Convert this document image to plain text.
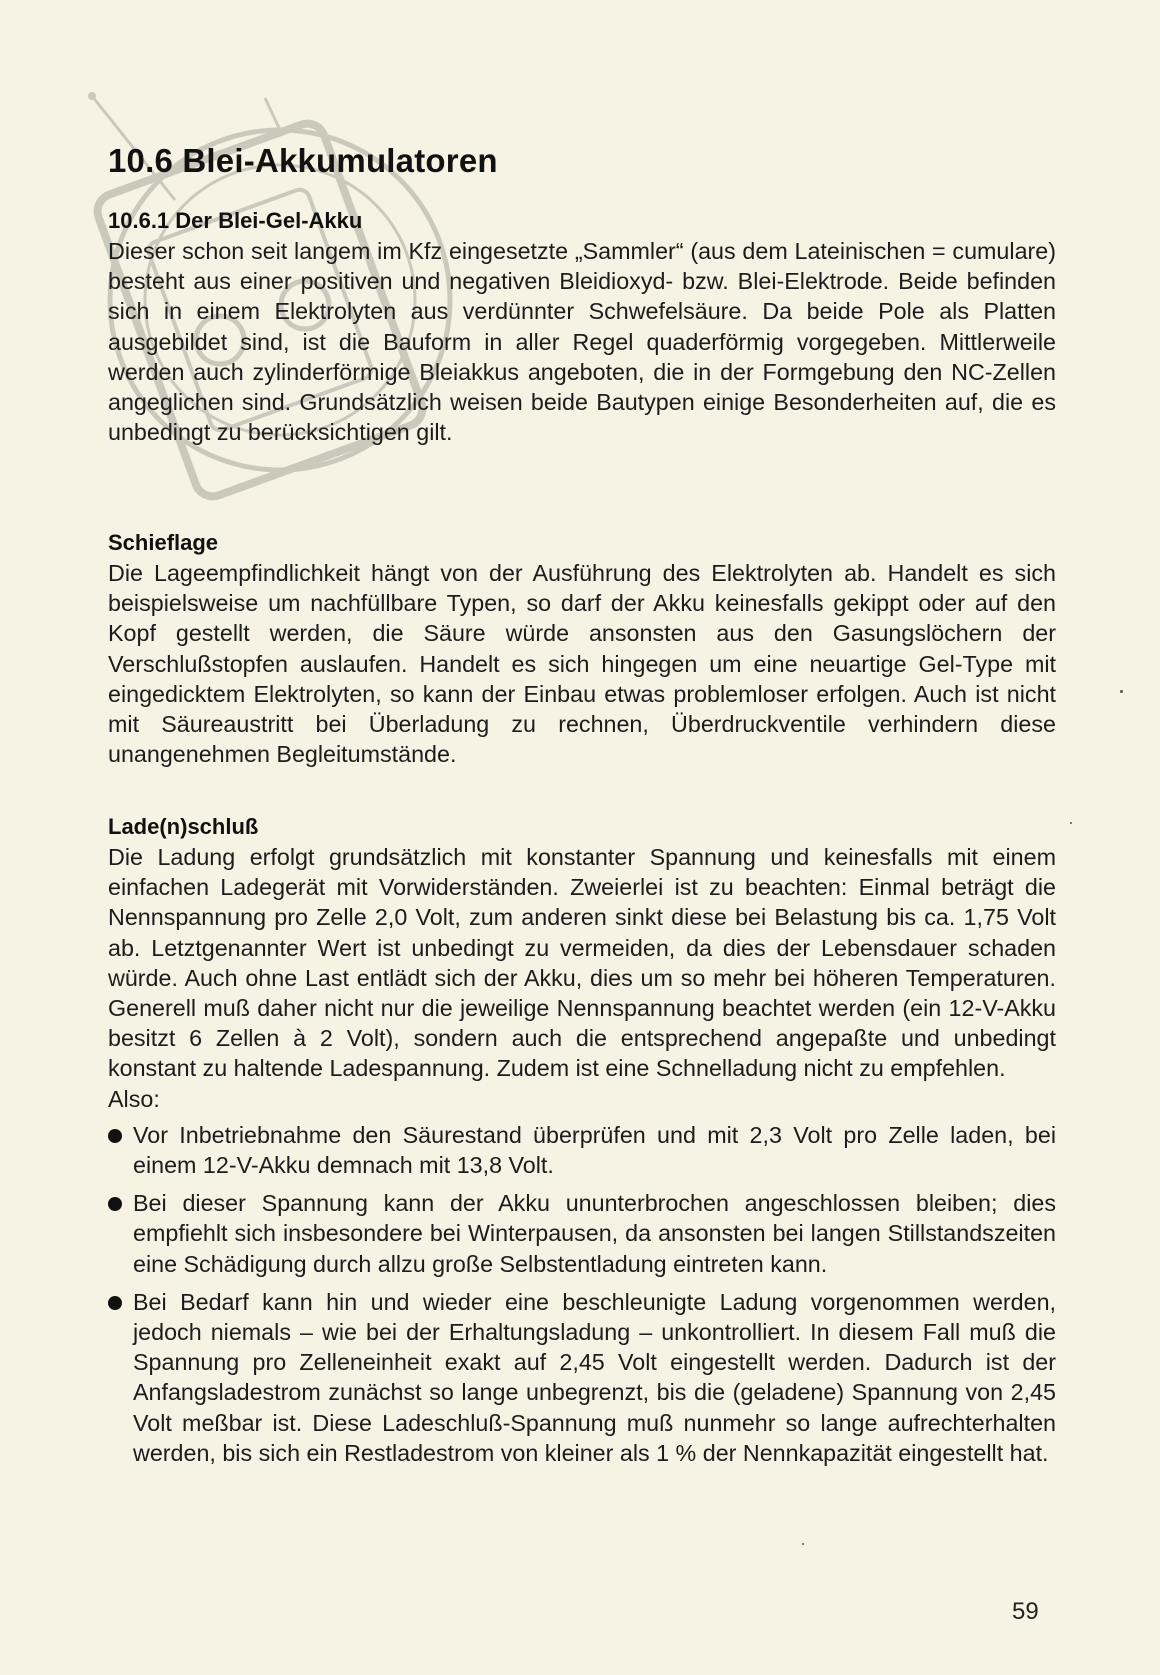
10.6 Blei-Akkumulatoren
10.6.1 Der Blei-Gel-Akku

Dieser schon seit langem im Kfz eingesetzte „Sammler“ (aus dem Lateinischen = cumulare) besteht aus einer positiven und negativen Bleidioxyd- bzw. Blei-Elektrode. Beide befinden sich in einem Elektrolyten aus verdünnter Schwefelsäure. Da beide Pole als Platten ausgebildet sind, ist die Bauform in aller Regel quaderförmig vorgegeben. Mittlerweile werden auch zylinderförmige Bleiakkus angeboten, die in der Formgebung den NC-Zellen angeglichen sind. Grundsätzlich weisen beide Bautypen einige Besonderheiten auf, die es unbedingt zu berücksichtigen gilt.

Schieflage

Die Lageempfindlichkeit hängt von der Ausführung des Elektrolyten ab. Handelt es sich beispielsweise um nachfüllbare Typen, so darf der Akku keinesfalls gekippt oder auf den Kopf gestellt werden, die Säure würde ansonsten aus den Gasungslöchern der Verschlußstopfen auslaufen. Handelt es sich hingegen um eine neuartige Gel-Type mit eingedicktem Elektrolyten, so kann der Einbau etwas problemloser erfolgen. Auch ist nicht mit Säureaustritt bei Überladung zu rechnen, Überdruckventile verhindern diese unangenehmen Begleitumstände.

Lade(n)schluß

Die Ladung erfolgt grundsätzlich mit konstanter Spannung und keinesfalls mit einem einfachen Ladegerät mit Vorwiderständen. Zweierlei ist zu beachten: Einmal beträgt die Nennspannung pro Zelle 2,0 Volt, zum anderen sinkt diese bei Belastung bis ca. 1,75 Volt ab. Letztgenannter Wert ist unbedingt zu vermeiden, da dies der Lebensdauer schaden würde. Auch ohne Last entlädt sich der Akku, dies um so mehr bei höheren Temperaturen. Generell muß daher nicht nur die jeweilige Nennspannung beachtet werden (ein 12-V-Akku besitzt 6 Zellen à 2 Volt), sondern auch die entsprechend angepaßte und unbedingt konstant zu haltende Ladespannung. Zudem ist eine Schnelladung nicht zu empfehlen.

Also:

Vor Inbetriebnahme den Säurestand überprüfen und mit 2,3 Volt pro Zelle laden, bei einem 12-V-Akku demnach mit 13,8 Volt.
Bei dieser Spannung kann der Akku ununterbrochen angeschlossen bleiben; dies empfiehlt sich insbesondere bei Winterpausen, da ansonsten bei langen Stillstandszeiten eine Schädigung durch allzu große Selbstentladung eintreten kann.
Bei Bedarf kann hin und wieder eine beschleunigte Ladung vorgenommen werden, jedoch niemals – wie bei der Erhaltungsladung – unkontrolliert. In diesem Fall muß die Spannung pro Zelleneinheit exakt auf 2,45 Volt eingestellt werden. Dadurch ist der Anfangsladestrom zunächst so lange unbegrenzt, bis die (geladene) Spannung von 2,45 Volt meßbar ist. Diese Ladeschluß-Spannung muß nunmehr so lange aufrechterhalten werden, bis sich ein Restladestrom von kleiner als 1 % der Nennkapazität eingestellt hat.
59
